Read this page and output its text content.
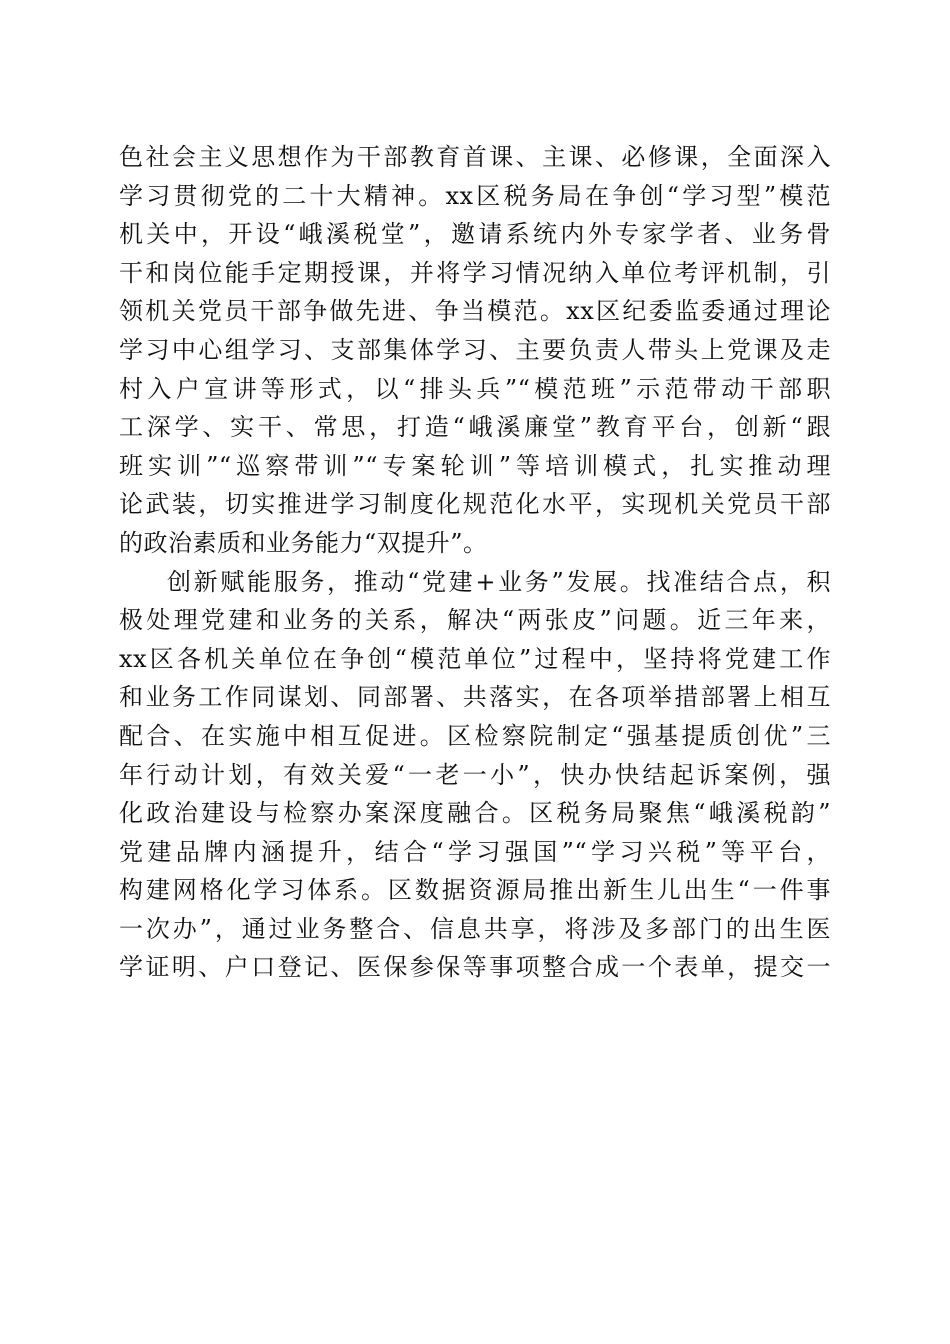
色社会主义思想作为干部教育首课、主课、必修课，全面深入
学习贯彻党的二十大精神。xx区税务局在争创“学习型”模范
机关中，开设“峨溪税堂”，邀请系统内外专家学者、业务骨
干和岗位能手定期授课，并将学习情况纳入单位考评机制，引
领机关党员干部争做先进、争当模范。xx区纪委监委通过理论
学习中心组学习、支部集体学习、主要负责人带头上党课及走
村入户宣讲等形式，以“排头兵”“模范班”示范带动干部职
工深学、实干、常思，打造“峨溪廉堂”教育平台，创新“跟
班实训”“巡察带训”“专案轮训”等培训模式，扎实推动理
论武装，切实推进学习制度化规范化水平，实现机关党员干部
的政治素质和业务能力“双提升”。
创新赋能服务，推动“党建+业务”发展。找准结合点，积
极处理党建和业务的关系，解决“两张皮”问题。近三年来，
xx区各机关单位在争创“模范单位”过程中，坚持将党建工作
和业务工作同谋划、同部署、共落实，在各项举措部署上相互
配合、在实施中相互促进。区检察院制定“强基提质创优”三
年行动计划，有效关爱“一老一小”，快办快结起诉案例，强
化政治建设与检察办案深度融合。区税务局聚焦“峨溪税韵”
党建品牌内涵提升，结合“学习强国”“学习兴税”等平台，
构建网格化学习体系。区数据资源局推出新生儿出生“一件事
一次办”，通过业务整合、信息共享，将涉及多部门的出生医
学证明、户口登记、医保参保等事项整合成一个表单，提交一
